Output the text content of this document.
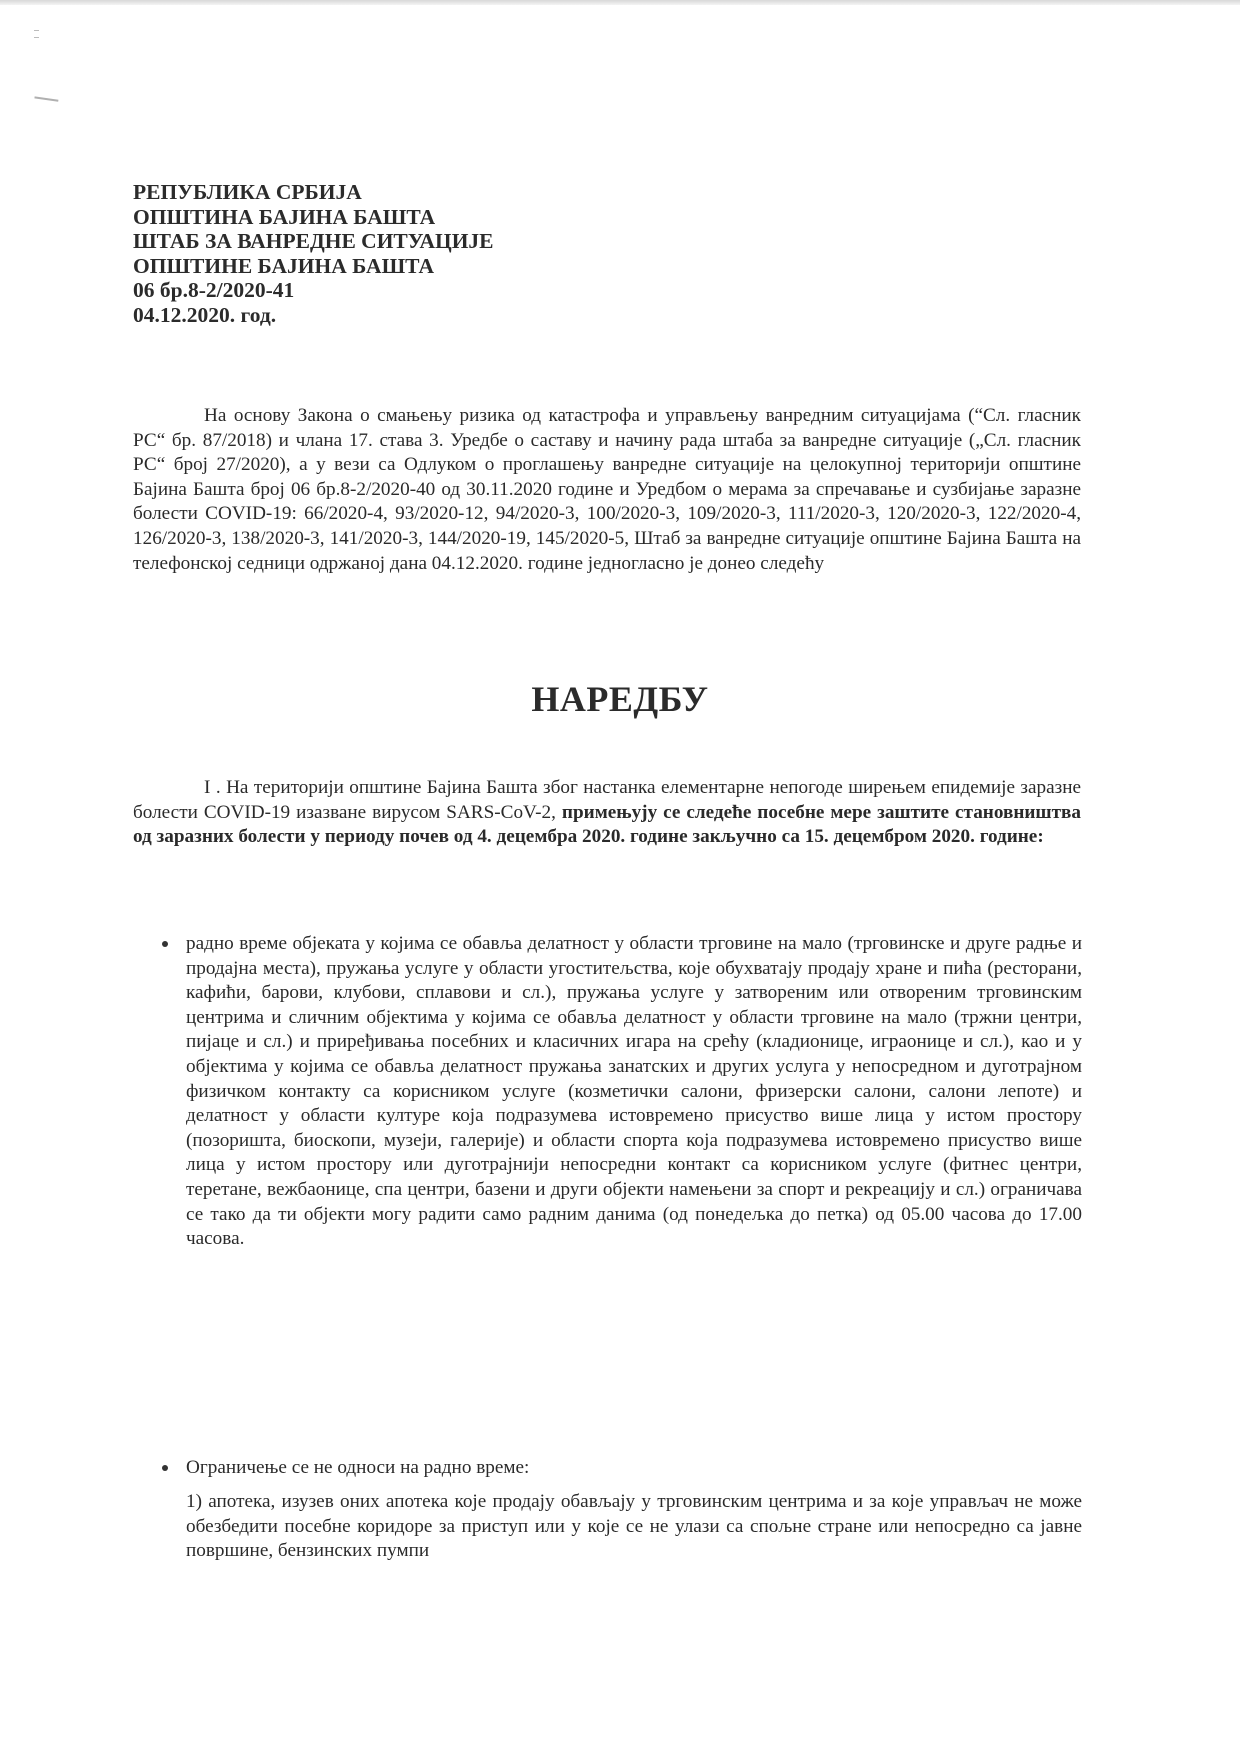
РЕПУБЛИКА СРБИЈА
ОПШТИНА БАЈИНА БАШТА
ШТАБ ЗА ВАНРЕДНЕ СИТУАЦИЈЕ
ОПШТИНЕ БАЈИНА БАШТА
06 бр.8-2/2020-41
04.12.2020. год.

На основу Закона о смањењу ризика од катастрофа и управљењу ванредним ситуацијама (“Сл. гласник РС“ бр. 87/2018) и члана 17. става 3. Уредбе о саставу и начину рада штаба за ванредне ситуације („Сл. гласник РС“ број 27/2020), а у вези са Одлуком о проглашењу ванредне ситуације на целокупној територији општине Бајина Башта број 06 бр.8-2/2020-40 од 30.11.2020 године и Уредбом о мерама за спречавање и сузбијање заразне болести COVID-19: 66/2020-4, 93/2020-12, 94/2020-3, 100/2020-3, 109/2020-3, 111/2020-3, 120/2020-3, 122/2020-4, 126/2020-3, 138/2020-3, 141/2020-3, 144/2020-19, 145/2020-5, Штаб за ванредне ситуације општине Бајина Башта на телефонској седници одржаној дана 04.12.2020. године једногласно је донео следећу

НАРЕДБУ

I . На територији општине Бајина Башта због настанка елементарне непогоде ширењем епидемије заразне болести COVID-19 изазване вирусом SARS-CoV-2, примењују се следеће посебне мере заштите становништва од заразних болести у периоду почев од 4. децембра 2020. године закључно са 15. децембром 2020. године:

радно време објеката у којима се обавља делатност у области трговине на мало (трговинске и друге радње и продајна места), пружања услуге у области угоститељства, које обухватају продају хране и пића (ресторани, кафићи, барови, клубови, сплавови и сл.), пружања услуге у затвореним или отвореним трговинским центрима и сличним објектима у којима се обавља делатност у области трговине на мало (тржни центри, пијаце и сл.) и приређивања посебних и класичних игара на срећу (кладионице, играонице и сл.), као и у објектима у којима се обавља делатност пружања занатских и других услуга у непосредном и дуготрајном физичком контакту са корисником услуге (козметички салони, фризерски салони, салони лепоте) и делатност у области културе која подразумева истовремено присуство више лица у истом простору (позоришта, биоскопи, музеји, галерије) и области спорта која подразумева истовремено присуство више лица у истом простору или дуготрајнији непосредни контакт са корисником услуге (фитнес центри, теретане, вежбаонице, спа центри, базени и други објекти намењени за спорт и рекреацију и сл.) ограничава се тако да ти објекти могу радити само радним данима (од понедељка до петка) од 05.00 часова до 17.00 часова.
Ограничење се не односи на радно време:
1) апотека, изузев оних апотека које продају обављају у трговинским центрима и за које управљач не може обезбедити посебне коридоре за приступ или у које се не улази са спољне стране или непосредно са јавне површине, бензинских пумпи
